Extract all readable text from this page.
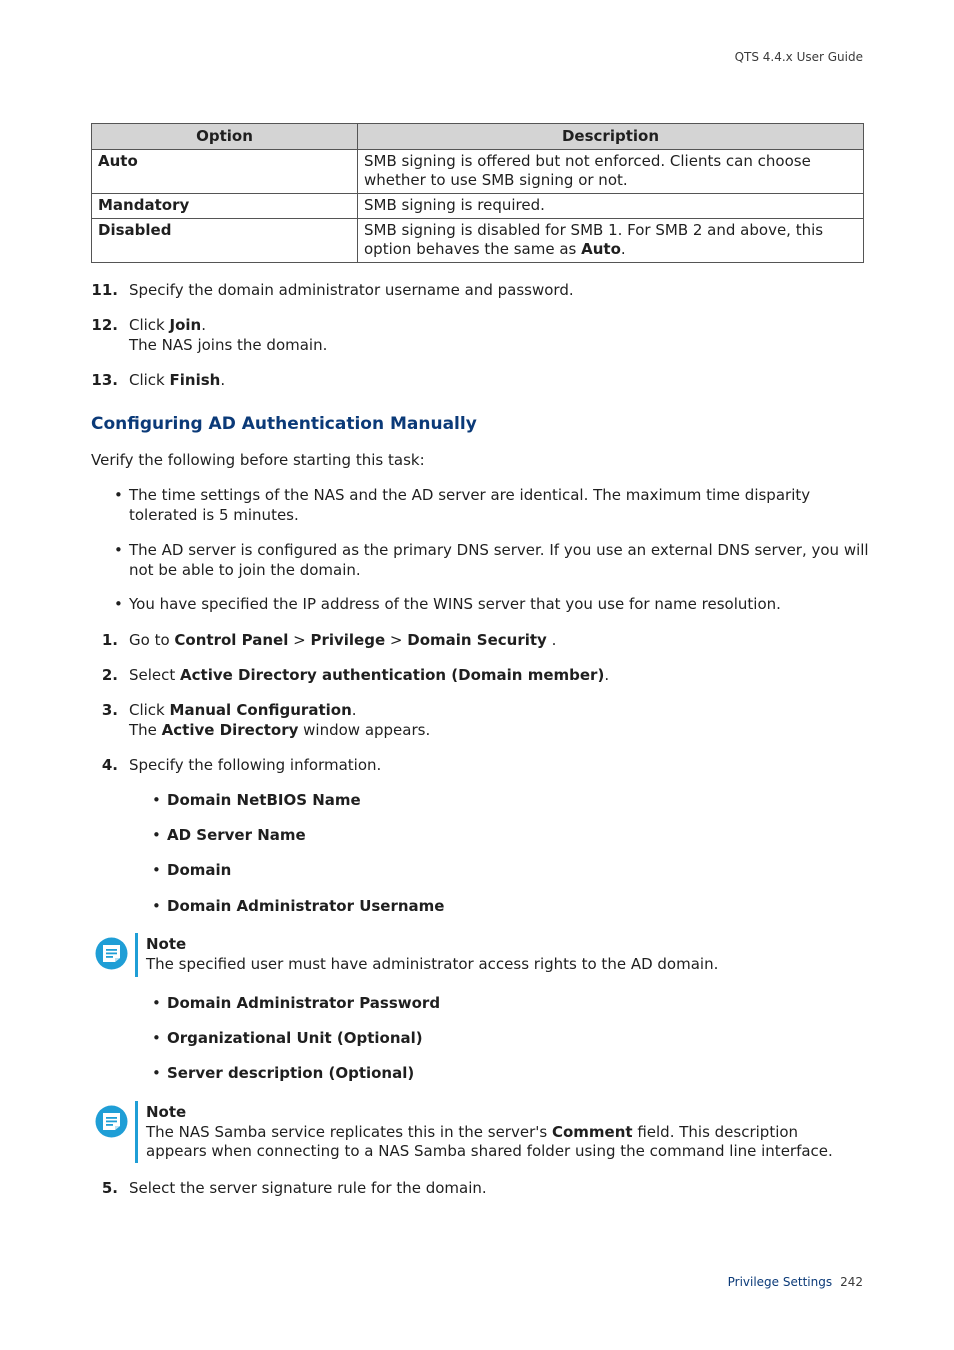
QTS 4.4.x User Guide
Option	Description
Auto	SMB signing is offered but not enforced. Clients can choose whether to use SMB signing or not.
Mandatory	SMB signing is required.
Disabled	SMB signing is disabled for SMB 1. For SMB 2 and above, this option behaves the same as Auto.
11. Specify the domain administrator username and password.
12. Click Join.
The NAS joins the domain.
13. Click Finish.
Configuring AD Authentication Manually
Verify the following before starting this task:
• The time settings of the NAS and the AD server are identical. The maximum time disparity tolerated is 5 minutes.
• The AD server is configured as the primary DNS server. If you use an external DNS server, you will not be able to join the domain.
• You have specified the IP address of the WINS server that you use for name resolution.
1. Go to Control Panel > Privilege > Domain Security .
2. Select Active Directory authentication (Domain member).
3. Click Manual Configuration.
The Active Directory window appears.
4. Specify the following information.
• Domain NetBIOS Name
• AD Server Name
• Domain
• Domain Administrator Username
Note
The specified user must have administrator access rights to the AD domain.
• Domain Administrator Password
• Organizational Unit (Optional)
• Server description (Optional)
Note
The NAS Samba service replicates this in the server's Comment field. This description appears when connecting to a NAS Samba shared folder using the command line interface.
5. Select the server signature rule for the domain.
Privilege Settings 242
